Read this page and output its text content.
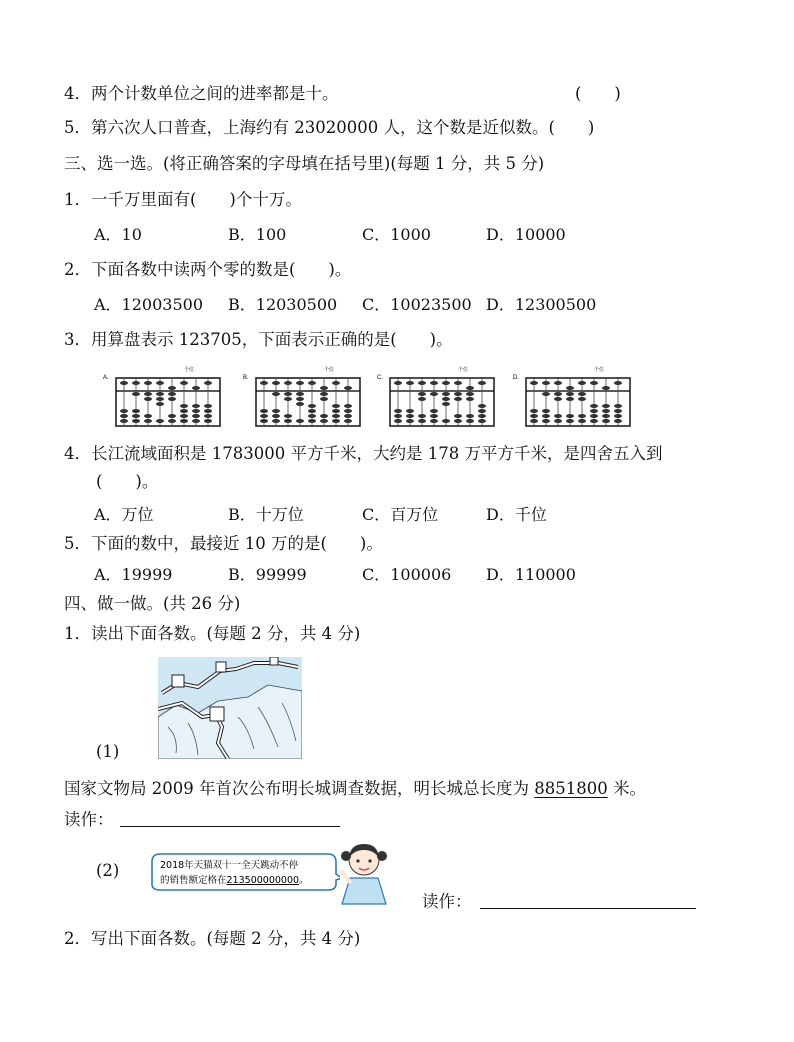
4．两个计数单位之间的进率都是十。	(　　)
5．第六次人口普查，上海约有 23020000 人，这个数是近似数。(　　)
三、选一选。(将正确答案的字母填在括号里)(每题 1 分，共 5 分)
1．一千万里面有(　　)个十万。
A．10	B．100	C．1000	D．10000
2．下面各数中读两个零的数是(　　)。
A．12003500 B．12030500 C．10023500 D．12300500
3．用算盘表示 123705，下面表示正确的是(　　)。
A.
个位
B.
个位
C.
个位
D.
个位
4．长江流域面积是 1783000 平方千米，大约是 178 万平方千米，是四舍五入到
(　　)。
A．万位	B．十万位	C．百万位	D．千位
5．下面的数中，最接近 10 万的是(　　)。
A．19999	B．99999	C．100006 D．110000
四、做一做。(共 26 分)
1．读出下面各数。(每题 2 分，共 4 分)
(1)
国家文物局 2009 年首次公布明长城调查数据，明长城总长度为 8851800 米。
读作：
2018年天猫双十一全天跳动不停
的销售额定格在213500000000。
(2)
读作：
2．写出下面各数。(每题 2 分，共 4 分)
